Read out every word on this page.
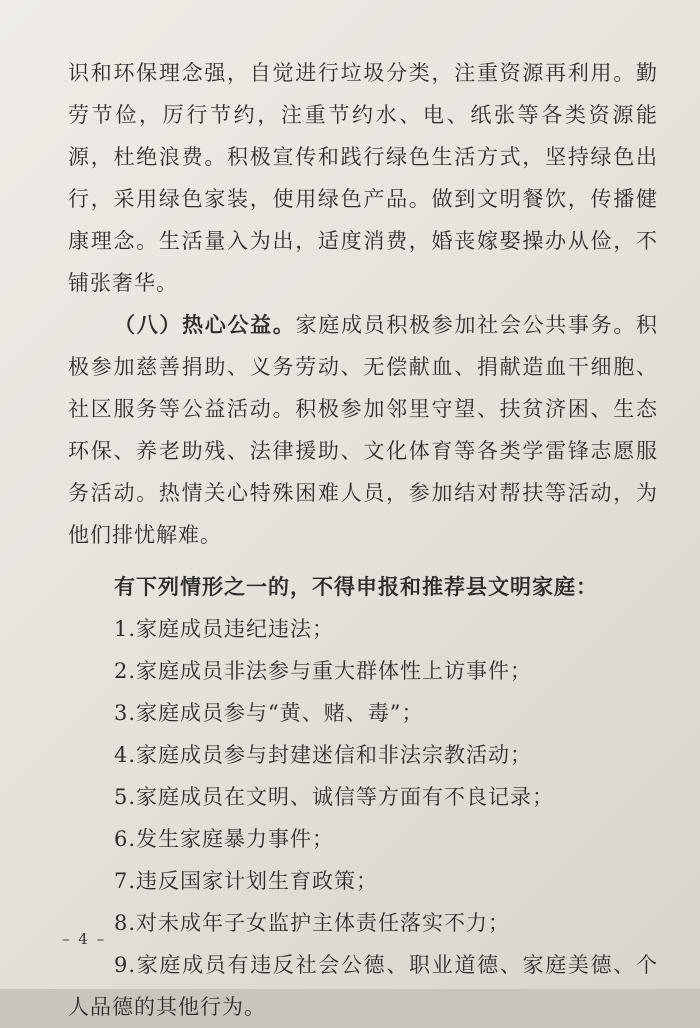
识和环保理念强，自觉进行垃圾分类，注重资源再利用。勤劳节俭，厉行节约，注重节约水、电、纸张等各类资源能源，杜绝浪费。积极宣传和践行绿色生活方式，坚持绿色出行，采用绿色家装，使用绿色产品。做到文明餐饮，传播健康理念。生活量入为出，适度消费，婚丧嫁娶操办从俭，不铺张奢华。

（八）热心公益。家庭成员积极参加社会公共事务。积极参加慈善捐助、义务劳动、无偿献血、捐献造血干细胞、社区服务等公益活动。积极参加邻里守望、扶贫济困、生态环保、养老助残、法律援助、文化体育等各类学雷锋志愿服务活动。热情关心特殊困难人员，参加结对帮扶等活动，为他们排忧解难。

有下列情形之一的，不得申报和推荐县文明家庭：

1.家庭成员违纪违法；
2.家庭成员非法参与重大群体性上访事件；
3.家庭成员参与“黄、赌、毒”；
4.家庭成员参与封建迷信和非法宗教活动；
5.家庭成员在文明、诚信等方面有不良记录；
6.发生家庭暴力事件；
7.违反国家计划生育政策；
8.对未成年子女监护主体责任落实不力；
9.家庭成员有违反社会公德、职业道德、家庭美德、个人品德的其他行为。
– 4 –
